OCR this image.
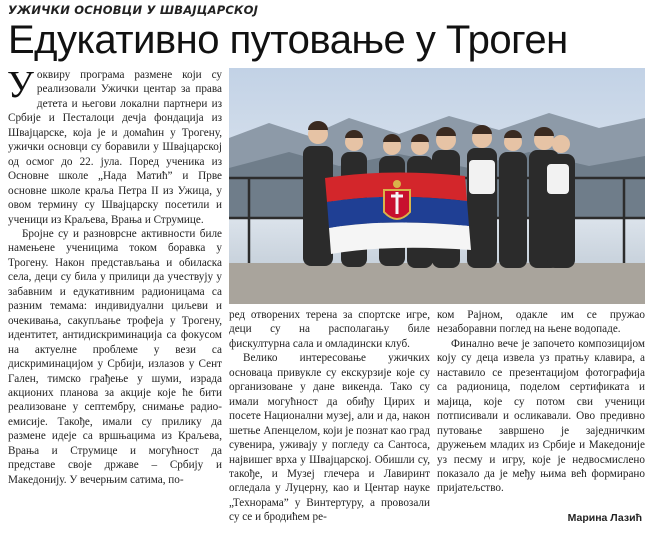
УЖИЧКИ ОСНОВЦИ У ШВАЈЦАРСКОЈ
Едукативно путовање у Троген

Уоквиру програма размене који су реализовали Ужички центар за права детета и његови локални партнери из Србије и Песталоци дечја фондација из Швајцарске, која је и домаћин у Трогену, ужички основци су боравили у Швајцарској од осмог до 22. јула. Поред ученика из Основне школе „Нада Матић” и Прве основне школе краља Петра II из Ужица, у овом термину су Швајцарску посетили и ученици из Краљева, Врања и Струмице.

Бројне су и разноврсне активности биле намењене ученицима током боравка у Трогену. Након представљања и обиласка села, деци су била у прилици да учествују у забавним и едукативним радионицама са разним темама: индивидуални циљеви и очекивања, сакупљање трофеја у Трогену, идентитет, антидискриминација са фокусом на актуелне проблеме у вези са дискриминацијом у Србији, излазов у Сент Гален, тимско грађење у шуми, израда акционих планова за акције које ће бити реализоване у септембру, снимање радио-емисије. Такође, имали су прилику да размене идеје са вршњацима из Краљева, Врања и Струмице и могућност да представе своје државе – Србију и Македонију. У вечерњим сатима, по-

ред отворених терена за спортске игре, деци су на располагању биле фискултурна сала и омладински клуб.

Велико интересовање ужичких основаца привукле су екскурзије које су организоване у дане викенда. Тако су имали могућност да обиђу Цирих и посете Национални музеј, али и да, након шетње Апенцелом, који је познат као град сувенира, уживају у погледу са Сантоса, највишег врха у Швајцарској. Обишли су, такође, и Музеј глечера и Лавиринт огледала у Луцерну, као и Центар науке „Технорама” у Винтертуру, а провозали су се и бродићем ре-

ком Рајном, одакле им се пружао незаборавни поглед на њене водопаде.

Финално вече је започето композицијом коју су деца извела уз пратњу клавира, а наставило се презентацијом фотографија са радионица, поделом сертификата и мајица, које су потом сви ученици потписивали и осликавали. Ово предивно путовање завршено је заједничким дружењем младих из Србије и Македоније уз песму и игру, које је недвосмислено показало да је међу њима већ формирано пријатељство.

Марина Лазић
